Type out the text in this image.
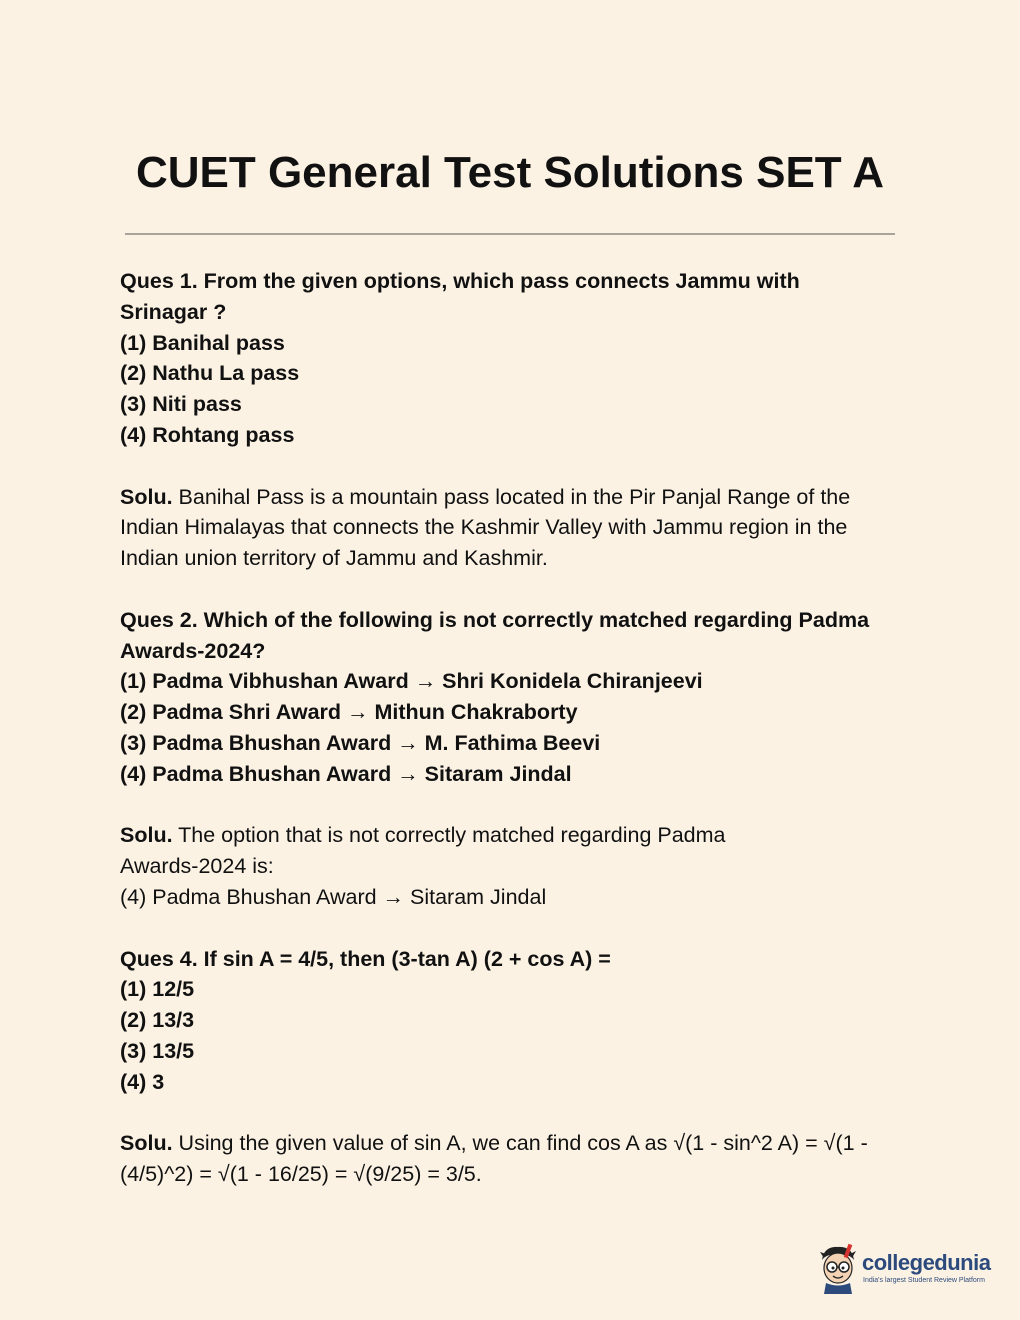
CUET General Test Solutions SET A
Ques 1. From the given options, which pass connects Jammu with Srinagar ?
(1) Banihal pass
(2) Nathu La pass
(3) Niti pass
(4) Rohtang pass

Solu. Banihal Pass is a mountain pass located in the Pir Panjal Range of the Indian Himalayas that connects the Kashmir Valley with Jammu region in the Indian union territory of Jammu and Kashmir.

Ques 2. Which of the following is not correctly matched regarding Padma Awards-2024?
(1) Padma Vibhushan Award → Shri Konidela Chiranjeevi
(2) Padma Shri Award → Mithun Chakraborty
(3) Padma Bhushan Award → M. Fathima Beevi
(4) Padma Bhushan Award → Sitaram Jindal

Solu. The option that is not correctly matched regarding Padma Awards-2024 is:

(4) Padma Bhushan Award → Sitaram Jindal
Ques 4. If sin A = 4/5, then (3-tan A) (2 + cos A) =
(1) 12/5
(2) 13/3
(3) 13/5
(4) 3

Solu. Using the given value of sin A, we can find cos A as √(1 - sin^2 A) = √(1 - (4/5)^2) = √(1 - 16/25) = √(9/25) = 3/5.

collegedunia
India's largest Student Review Platform
